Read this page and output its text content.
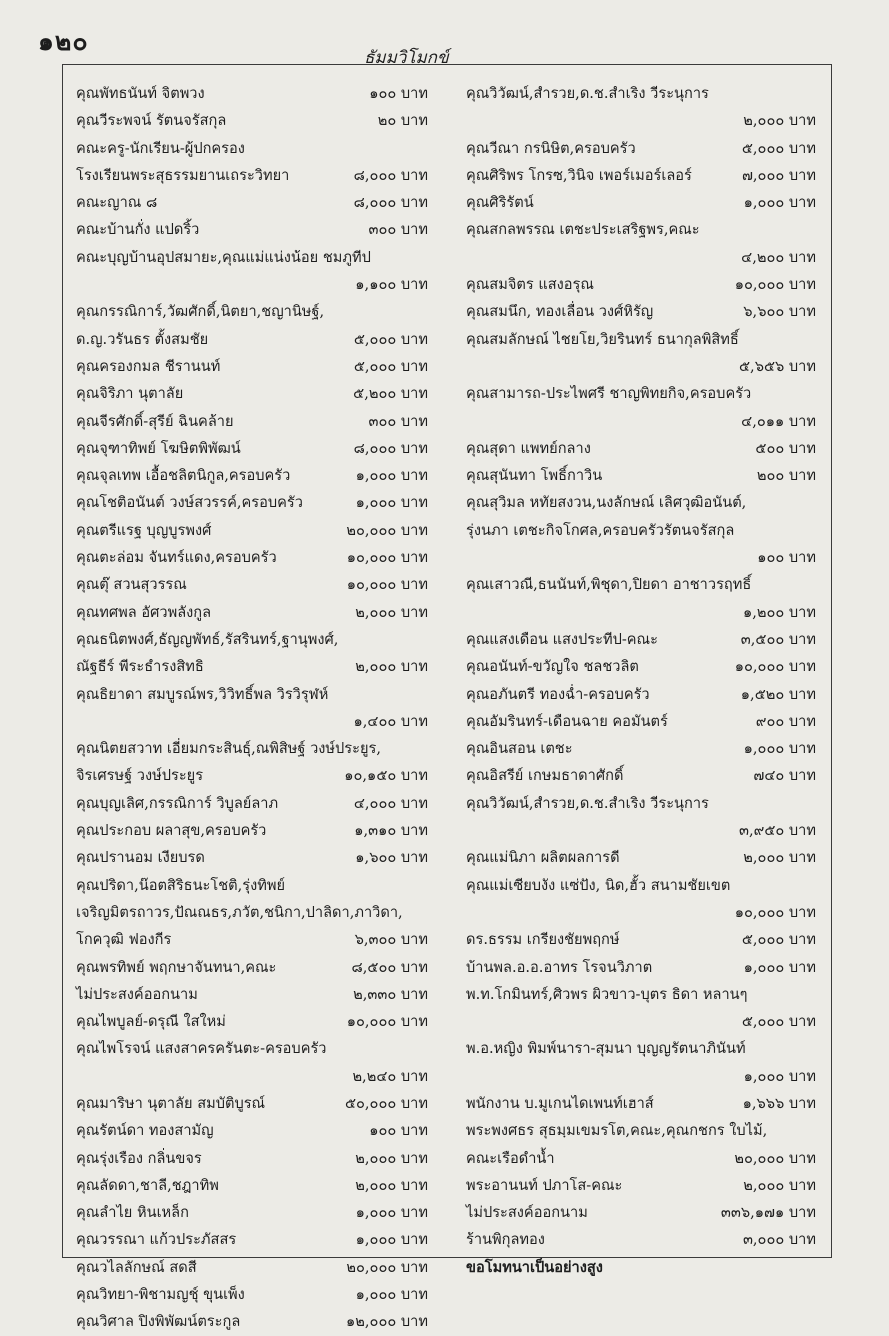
๑๒๐
ธัมมวิโมกข์
คุณพัทธนันท์ จิตพวง	๑๐๐ บาท
คุณวีระพจน์ รัตนจรัสกุล	๒๐ บาท
คณะครู-นักเรียน-ผู้ปกครอง
โรงเรียนพระสุธรรมยานเถระวิทยา	๘,๐๐๐ บาท
คณะญาณ ๘	๘,๐๐๐ บาท
คณะบ้านกั่ง แปดริ้ว	๓๐๐ บาท
คณะบุญบ้านอุปสมายะ,คุณแม่แน่งน้อย ชมภูทีป
๑,๑๐๐ บาท
คุณกรรณิการ์,วัฒศักดิ์,นิตยา,ชญานิษฐ์,
ด.ญ.วรันธร ตั้งสมชัย	๕,๐๐๐ บาท
คุณครองกมล ชีรานนท์	๕,๐๐๐ บาท
คุณจิริภา นุตาลัย	๕,๒๐๐ บาท
คุณจีรศักดิ์-สุรีย์ ฉินคล้าย	๓๐๐ บาท
คุณจุฑาทิพย์ โฆษิตพิพัฒน์	๘,๐๐๐ บาท
คุณจุลเทพ เอื้อชลิตนิกูล,ครอบครัว	๑,๐๐๐ บาท
คุณโชติอนันต์ วงษ์สวรรค์,ครอบครัว	๑,๐๐๐ บาท
คุณตรีแรฐ บุญบูรพงศ์	๒๐,๐๐๐ บาท
คุณตะล่อม จันทร์แดง,ครอบครัว	๑๐,๐๐๐ บาท
คุณตุ๊ สวนสุวรรณ	๑๐,๐๐๐ บาท
คุณทศพล อัศวพลังกูล	๒,๐๐๐ บาท
คุณธนิตพงศ์,ธัญญพัทธ์,รัสรินทร์,ฐานุพงศ์,
ณัฐธีร์ พีระธำรงสิทธิ	๒,๐๐๐ บาท
คุณธิยาดา สมบูรณ์พร,วิวิทธิ์พล วิรวิรุฬห์
๑,๔๐๐ บาท
คุณนิตยสวาท เอี่ยมกระสินธุ์,ณพิสิษฐ์ วงษ์ประยูร,
จิรเศรษฐ์ วงษ์ประยูร	๑๐,๑๕๐ บาท
คุณบุญเลิศ,กรรณิการ์ วิบูลย์ลาภ	๔,๐๐๐ บาท
คุณประกอบ ผลาสุข,ครอบครัว	๑,๓๑๐ บาท
คุณปรานอม เงียบรด	๑,๖๐๐ บาท
คุณปริดา,น๊อตสิริธนะโชติ,รุ่งทิพย์
เจริญมิตรถาวร,ปัณณธร,ภวัต,ชนิกา,ปาลิดา,ภาวิดา,
โกควุฒิ ฟองกีร	๖,๓๐๐ บาท
คุณพรทิพย์ พฤกษาจันทนา,คณะ	๘,๕๐๐ บาท
ไม่ประสงค์ออกนาม	๒,๓๓๐ บาท
คุณไพบูลย์-ดรุณี ใสใหม่	๑๐,๐๐๐ บาท
คุณไพโรจน์ แสงสาครครันตะ-ครอบครัว
๒,๒๔๐ บาท
คุณมาริษา นุตาลัย สมบัติบูรณ์	๕๐,๐๐๐ บาท
คุณรัตน์ดา ทองสามัญ	๑๐๐ บาท
คุณรุ่งเรือง กลิ่นขจร	๒,๐๐๐ บาท
คุณลัดดา,ชาลี,ชฎาทิพ	๒,๐๐๐ บาท
คุณลำไย หินเหล็ก	๑,๐๐๐ บาท
คุณวรรณา แก้วประภัสสร	๑,๐๐๐ บาท
คุณวไลลักษณ์ สดสี	๒๐,๐๐๐ บาท
คุณวิทยา-พิชามญชุ์ ขุนเพ็ง	๑,๐๐๐ บาท
คุณวิศาล ปิงพิพัฒน์ตระกูล	๑๒,๐๐๐ บาท
คุณวิวัฒน์,สำรวย,ด.ช.สำเริง วีระนุการ
๒,๐๐๐ บาท
คุณวีณา กรนิษิต,ครอบครัว	๕,๐๐๐ บาท
คุณศิริพร โกรซ,วินิจ เพอร์เมอร์เลอร์	๗,๐๐๐ บาท
คุณศิริรัตน์	๑,๐๐๐ บาท
คุณสกลพรรณ เตชะประเสริฐพร,คณะ
๔,๒๐๐ บาท
คุณสมจิตร แสงอรุณ	๑๐,๐๐๐ บาท
คุณสมนึก, ทองเลื่อน วงศ์หิรัญ	๖,๖๐๐ บาท
คุณสมลักษณ์ ไชยโย,วิยรินทร์ ธนากุลพิสิทธิ์
๕,๖๕๖ บาท
คุณสามารถ-ประไพศรี ชาญพิทยกิจ,ครอบครัว
๔,๐๑๑ บาท
คุณสุดา แพทย์กลาง	๕๐๐ บาท
คุณสุนันทา โพธิ์กาวิน	๒๐๐ บาท
คุณสุวิมล หทัยสงวน,นงลักษณ์ เลิศวุฒิอนันต์,
รุ่งนภา เตชะกิจโกศล,ครอบครัวรัตนจรัสกุล
๑๐๐ บาท
คุณเสาวณี,ธนนันท์,พิชุดา,ปิยดา อาชาวรฤทธิ์
๑,๒๐๐ บาท
คุณแสงเดือน แสงประทีป-คณะ	๓,๕๐๐ บาท
คุณอนันท์-ขวัญใจ ชลชวลิต	๑๐,๐๐๐ บาท
คุณอภันตรี ทองฉ่ำ-ครอบครัว	๑,๕๒๐ บาท
คุณอัมรินทร์-เดือนฉาย คอมันตร์	๙๐๐ บาท
คุณอินสอน เตชะ	๑,๐๐๐ บาท
คุณอิสรีย์ เกษมธาดาศักดิ์	๗๔๐ บาท
คุณวิวัฒน์,สำรวย,ด.ช.สำเริง วีระนุการ
๓,๙๕๐ บาท
คุณแม่นิภา ผลิตผลการดี	๒,๐๐๐ บาท
คุณแม่เซียบงัง แซ่ปัง, นิด,ฮั้ว สนามชัยเขต
๑๐,๐๐๐ บาท
ดร.ธรรม เกรียงชัยพฤกษ์	๕,๐๐๐ บาท
บ้านพล.อ.อ.อาทร โรจนวิภาต	๑,๐๐๐ บาท
พ.ท.โกมินทร์,ศิวพร ผิวขาว-บุตร ธิดา หลานๆ
๕,๐๐๐ บาท
พ.อ.หญิง พิมพ์นารา-สุมนา บุญญรัตนาภินันท์
๑,๐๐๐ บาท
พนักงาน บ.มูเกนไดเพนท์เฮาส์	๑,๖๖๖ บาท
พระพงศธร สุธมฺมเขมรโต,คณะ,คุณกชกร ใบไม้,
คณะเรือดำน้ำ	๒๐,๐๐๐ บาท
พระอานนท์ ปภาโส-คณะ	๒,๐๐๐ บาท
ไม่ประสงค์ออกนาม	๓๓๖,๑๗๑ บาท
ร้านพิกุลทอง	๓,๐๐๐ บาท
ขอโมทนาเป็นอย่างสูง
